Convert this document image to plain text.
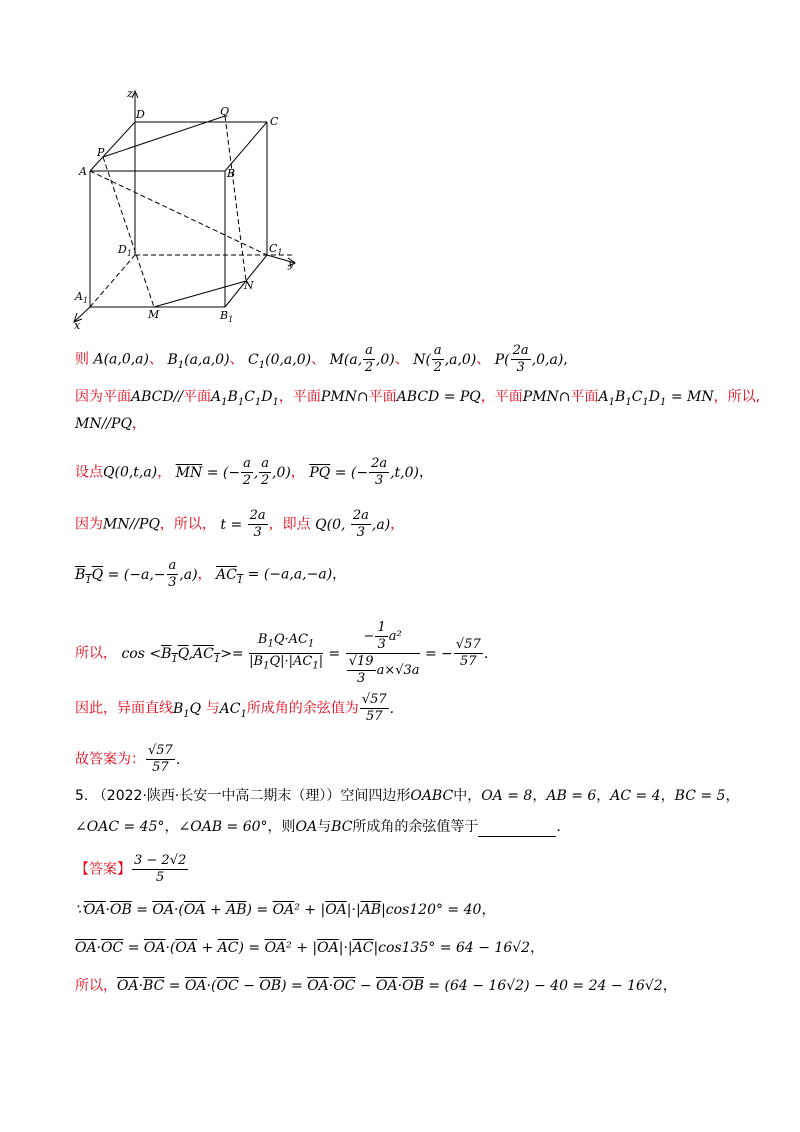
z
D	Q
C
P
A	B
$D_1$	$C_1$
y
$A_1$
N
M	$B_1$
x
则 A(a,0,a)、 $B_1(a,a,0)$、 $C_1(0,a,0)$、 M(a, $\frac{a}{2} ,0$)、 $N( \frac{a}{2} ,a,0)$、 $P( \frac{2a}{3} ,0,a)$,
因为平面ABCD//平面$A_1B_1C_1D_1$，平面PMN∩平面ABCD = PQ，平面PMN∩平面$A_1B_1C_1D_1$ = MN，所以,
MN//PQ，
设点Q(0,t,a)， $\overline{MN}$ = (− $\frac{a}{2}$ , $\frac{a}{2} ,0$)， $\overline{PQ}$ = (− $\frac{2a}{3} ,t,0$)，
因为MN//PQ，所以， $t = \frac{2a}{3}$ ，即点 Q(0, $\frac{2a}{3} ,a$)，
$B_1Q = (-a,- \frac{a}{3} ,a)$， $AC_1 = (-a,a,-a)$，
所以， $\cos <B_1Q,AC_1>= \frac{B_1Q\cdot AC_1}{|B_1Q|\cdot|AC_1|} = \frac{- \frac{1}{3} a^2}{\frac{√19}{3} a\times√3a}$ = − $\frac{√57}{57}$ .
因此，异面直线$B_1Q$ 与$AC_1$所成角的余弦值为 $\frac{√57}{57}$ .
故答案为： $\frac{√57}{57}$ .
5. （2022·陕西·长安一中高二期末（理））空间四边形OABC中，OA = 8，AB = 6，AC = 4，BC = 5，
∠OAC = 45°，∠OAB = 60°，则OA与BC所成角的余弦值等于	.
【答案】 $\frac{3 - 2√2}{5}$
$\because\overline{OA}\cdot\overline{OB} = \overline{OA}\cdot(\overline{OA} + \overline{AB}) = \overline{OA}^2 + |\overline{OA}|\cdot|\overline{AB}|\cos 120^\circ = 40$，
$\overline{OA}\cdot\overline{OC} = \overline{OA}\cdot(\overline{OA} + \overline{AC}) = \overline{OA}^2 + |\overline{OA}|\cdot|\overline{AC}|\cos 135^\circ = 64 - 16√2$，
所以，$\overline{OA}\cdot\overline{BC} = \overline{OA}\cdot(\overline{OC} - \overline{OB}) = \overline{OA}\cdot\overline{OC} - \overline{OA}\cdot\overline{OB} = (64 - 16√2) - 40 = 24 - 16√2$，
